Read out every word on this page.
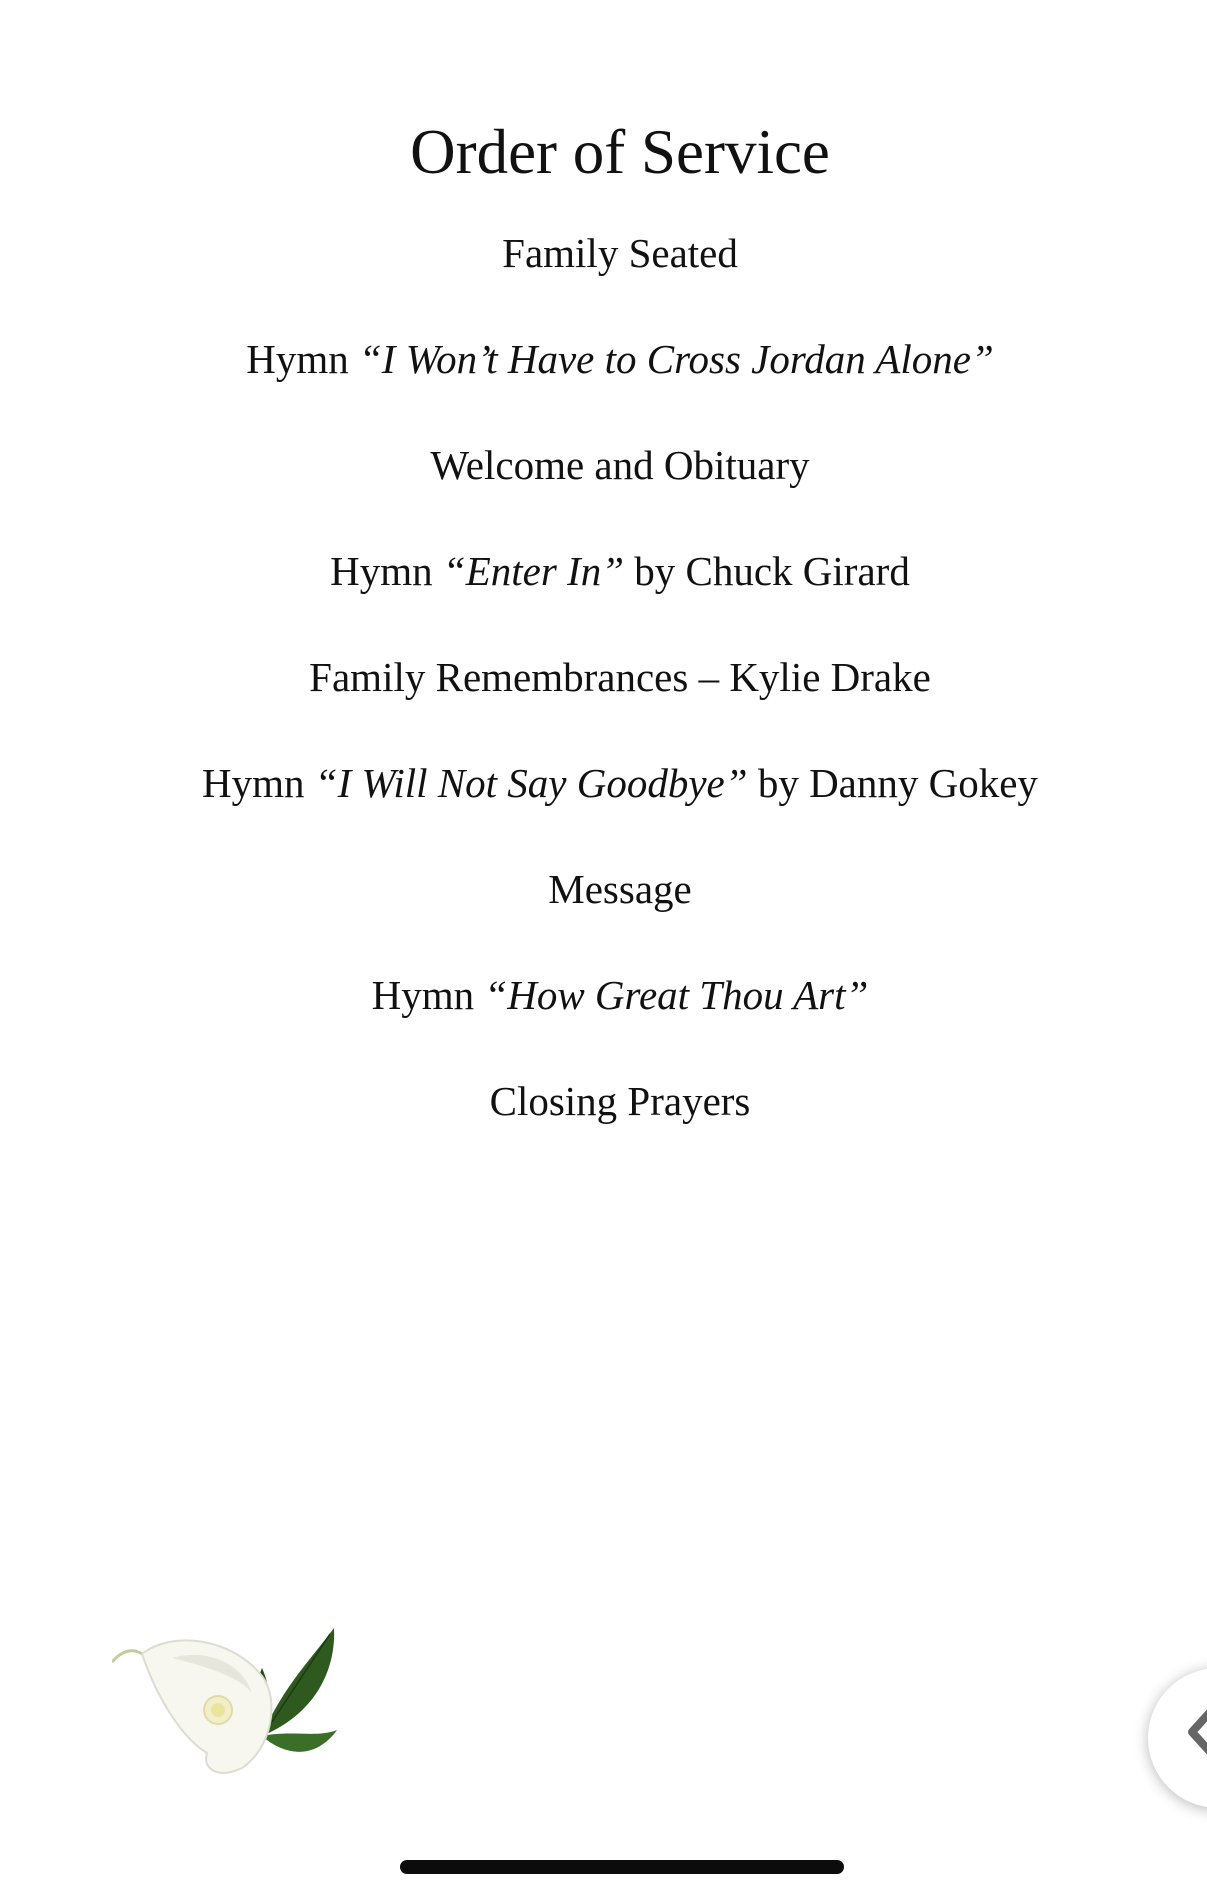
Order of Service
Family Seated
Hymn “I Won’t Have to Cross Jordan Alone”
Welcome and Obituary
Hymn “Enter In” by Chuck Girard
Family Remembrances – Kylie Drake
Hymn “I Will Not Say Goodbye” by Danny Gokey
Message
Hymn “How Great Thou Art”
Closing Prayers
